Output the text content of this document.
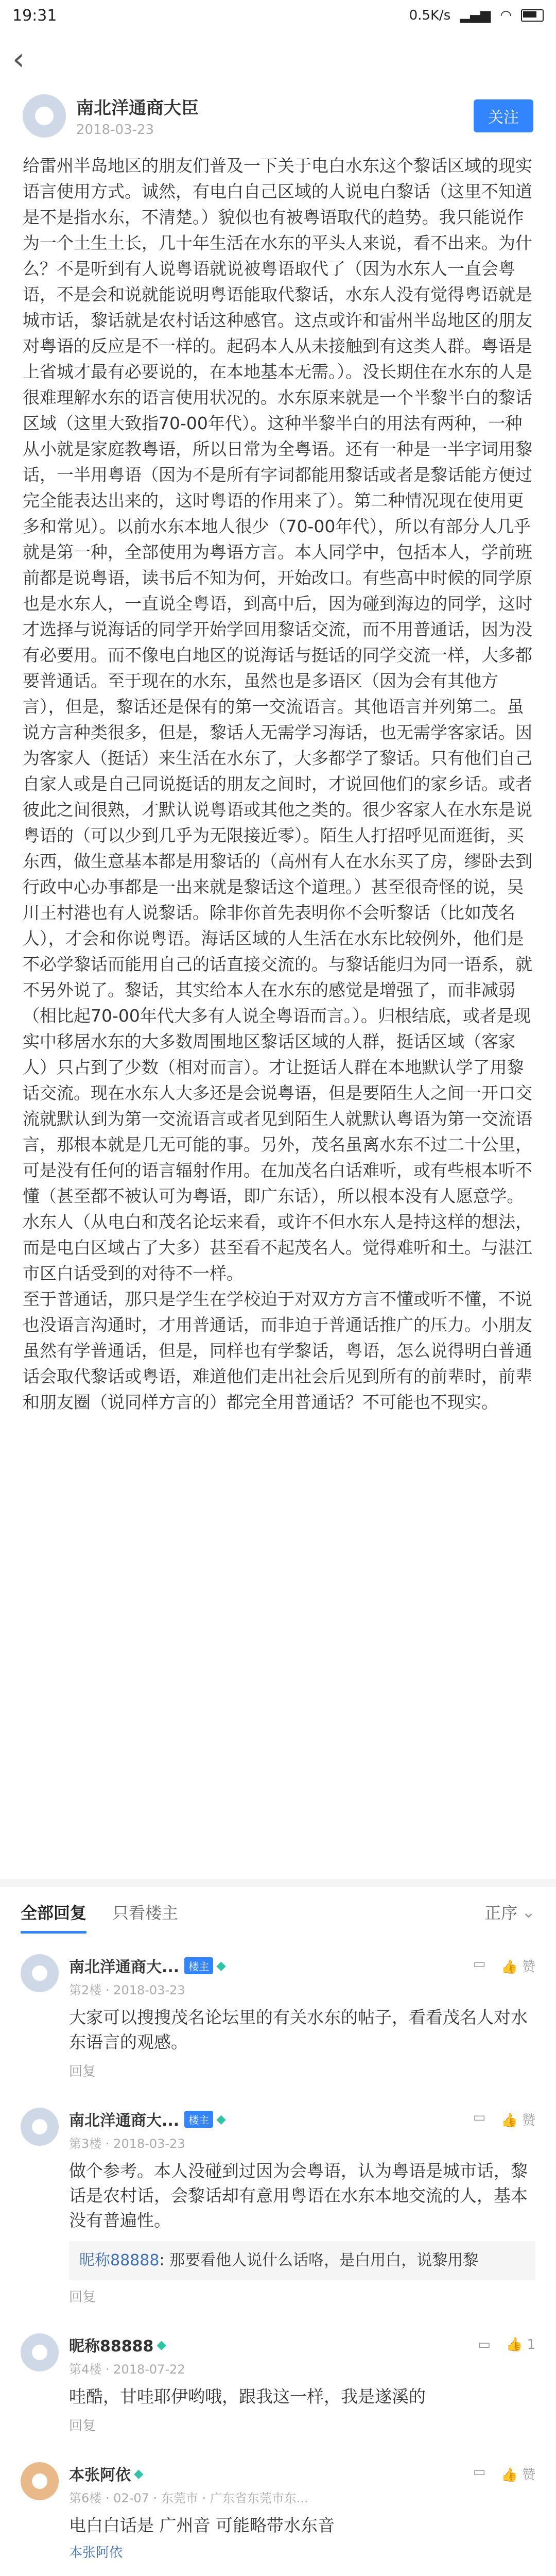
19:31	0.5K/s ▂▄▆ ◠
‹
南北洋通商大臣
2018-03-23
关注

给雷州半岛地区的朋友们普及一下关于电白水东这个黎话区域的现实语言使用方式。诚然，有电白自己区域的人说电白黎话（这里不知道是不是指水东，不清楚。）貌似也有被粤语取代的趋势。我只能说作为一个土生土长，几十年生活在水东的平头人来说，看不出来。为什么？不是听到有人说粤语就说被粤语取代了（因为水东人一直会粤语，不是会和说就能说明粤语能取代黎话，水东人没有觉得粤语就是城市话，黎话就是农村话这种感官。这点或许和雷州半岛地区的朋友对粤语的反应是不一样的。起码本人从未接触到有这类人群。粤语是上省城才最有必要说的，在本地基本无需。）。没长期住在水东的人是很难理解水东的语言使用状况的。水东原来就是一个半黎半白的黎话区域（这里大致指70-00年代）。这种半黎半白的用法有两种，一种从小就是家庭教粤语，所以日常为全粤语。还有一种是一半字词用黎话，一半用粤语（因为不是所有字词都能用黎话或者是黎话能方便过完全能表达出来的，这时粤语的作用来了）。第二种情况现在使用更多和常见）。以前水东本地人很少（70-00年代），所以有部分人几乎就是第一种，全部使用为粤语方言。本人同学中，包括本人，学前班前都是说粤语，读书后不知为何，开始改口。有些高中时候的同学原也是水东人，一直说全粤语，到高中后，因为碰到海边的同学，这时才选择与说海话的同学开始学回用黎话交流，而不用普通话，因为没有必要用。而不像电白地区的说海话与挺话的同学交流一样，大多都要普通话。至于现在的水东，虽然也是多语区（因为会有其他方言），但是，黎话还是保有的第一交流语言。其他语言并列第二。虽说方言种类很多，但是，黎话人无需学习海话，也无需学客家话。因为客家人（挺话）来生活在水东了，大多都学了黎话。只有他们自己自家人或是自己同说挺话的朋友之间时，才说回他们的家乡话。或者彼此之间很熟，才默认说粤语或其他之类的。很少客家人在水东是说粤语的（可以少到几乎为无限接近零）。陌生人打招呼见面逛街，买东西，做生意基本都是用黎话的（高州有人在水东买了房，缪卧去到行政中心办事都是一出来就是黎话这个道理。）甚至很奇怪的说，吴川王村港也有人说黎话。除非你首先表明你不会听黎话（比如茂名人），才会和你说粤语。海话区域的人生活在水东比较例外，他们是不必学黎话而能用自己的话直接交流的。与黎话能归为同一语系，就不另外说了。黎话，其实给本人在水东的感觉是增强了，而非减弱（相比起70-00年代大多有人说全粤语而言。）。归根结底，或者是现实中移居水东的大多数周围地区黎话区域的人群，挺话区域（客家人）只占到了少数（相对而言）。才让挺话人群在本地默认学了用黎话交流。现在水东人大多还是会说粤语，但是要陌生人之间一开口交流就默认到为第一交流语言或者见到陌生人就默认粤语为第一交流语言，那根本就是几无可能的事。另外，茂名虽离水东不过二十公里，可是没有任何的语言辐射作用。在加茂名白话难听，或有些根本听不懂（甚至都不被认可为粤语，即广东话），所以根本没有人愿意学。水东人（从电白和茂名论坛来看，或许不但水东人是持这样的想法，而是电白区域占了大多）甚至看不起茂名人。觉得难听和土。与湛江市区白话受到的对待不一样。

至于普通话，那只是学生在学校迫于对双方方言不懂或听不懂，不说也没语言沟通时，才用普通话，而非迫于普通话推广的压力。小朋友虽然有学普通话，但是，同样也有学黎话，粤语，怎么说得明白普通话会取代黎话或粤语，难道他们走出社会后见到所有的前辈时，前辈和朋友圈（说同样方言的）都完全用普通话？不可能也不现实。

全部回复 只看楼主	正序 ⌄
南北洋通商大... 楼主 ◆	▭ 👍 赞
第2楼 · 2018-03-23
大家可以搜搜茂名论坛里的有关水东的帖子，看看茂名人对水东语言的观感。
回复
南北洋通商大... 楼主 ◆	▭ 👍 赞
第3楼 · 2018-03-23
做个参考。本人没碰到过因为会粤语，认为粤语是城市话，黎话是农村话，会黎话却有意用粤语在水东本地交流的人，基本没有普遍性。
昵称88888: 那要看他人说什么话咯，是白用白，说黎用黎
回复
昵称88888 ◆	▭ 👍 1
第4楼 · 2018-07-22
哇酷，甘哇耶伊哟哦，跟我这一样，我是遂溪的
回复
本张阿依 ◆	▭ 👍 赞
第6楼 · 02-07 · 东莞市 · 广东省东莞市东...
电白白话是 广州音 可能略带水东音
本张阿依
